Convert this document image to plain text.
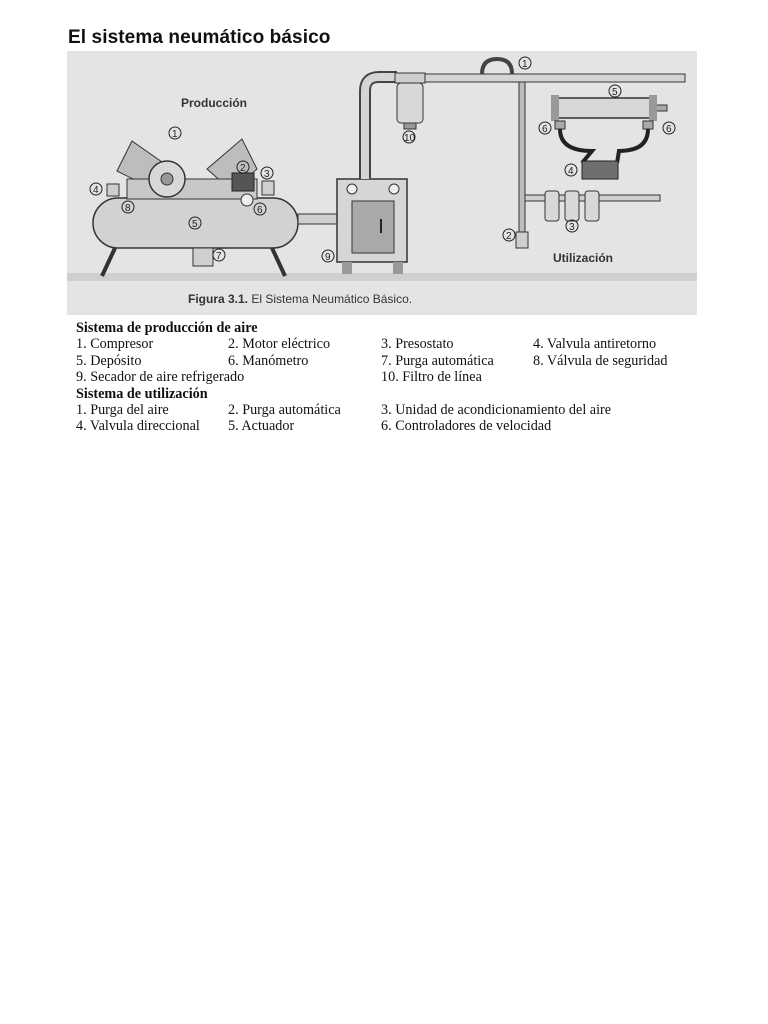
El sistema neumático básico
1
2
3
4
5
6
7
8
9
10
1
2
3
4
5
6	6
Producción
Utilización
Figura 3.1. El Sistema Neumático Básico.
Sistema de producción de aire
1. Compresor	2. Motor eléctrico	3. Presostato	4. Valvula antiretorno
5. Depósito	6. Manómetro	7. Purga automática	8. Válvula de seguridad
9. Secador de aire refrigerado	10. Filtro de línea
Sistema de utilización
1. Purga del aire	2. Purga automática	3. Unidad de acondicionamiento del aire
4. Valvula direccional 5. Actuador	6. Controladores de velocidad
